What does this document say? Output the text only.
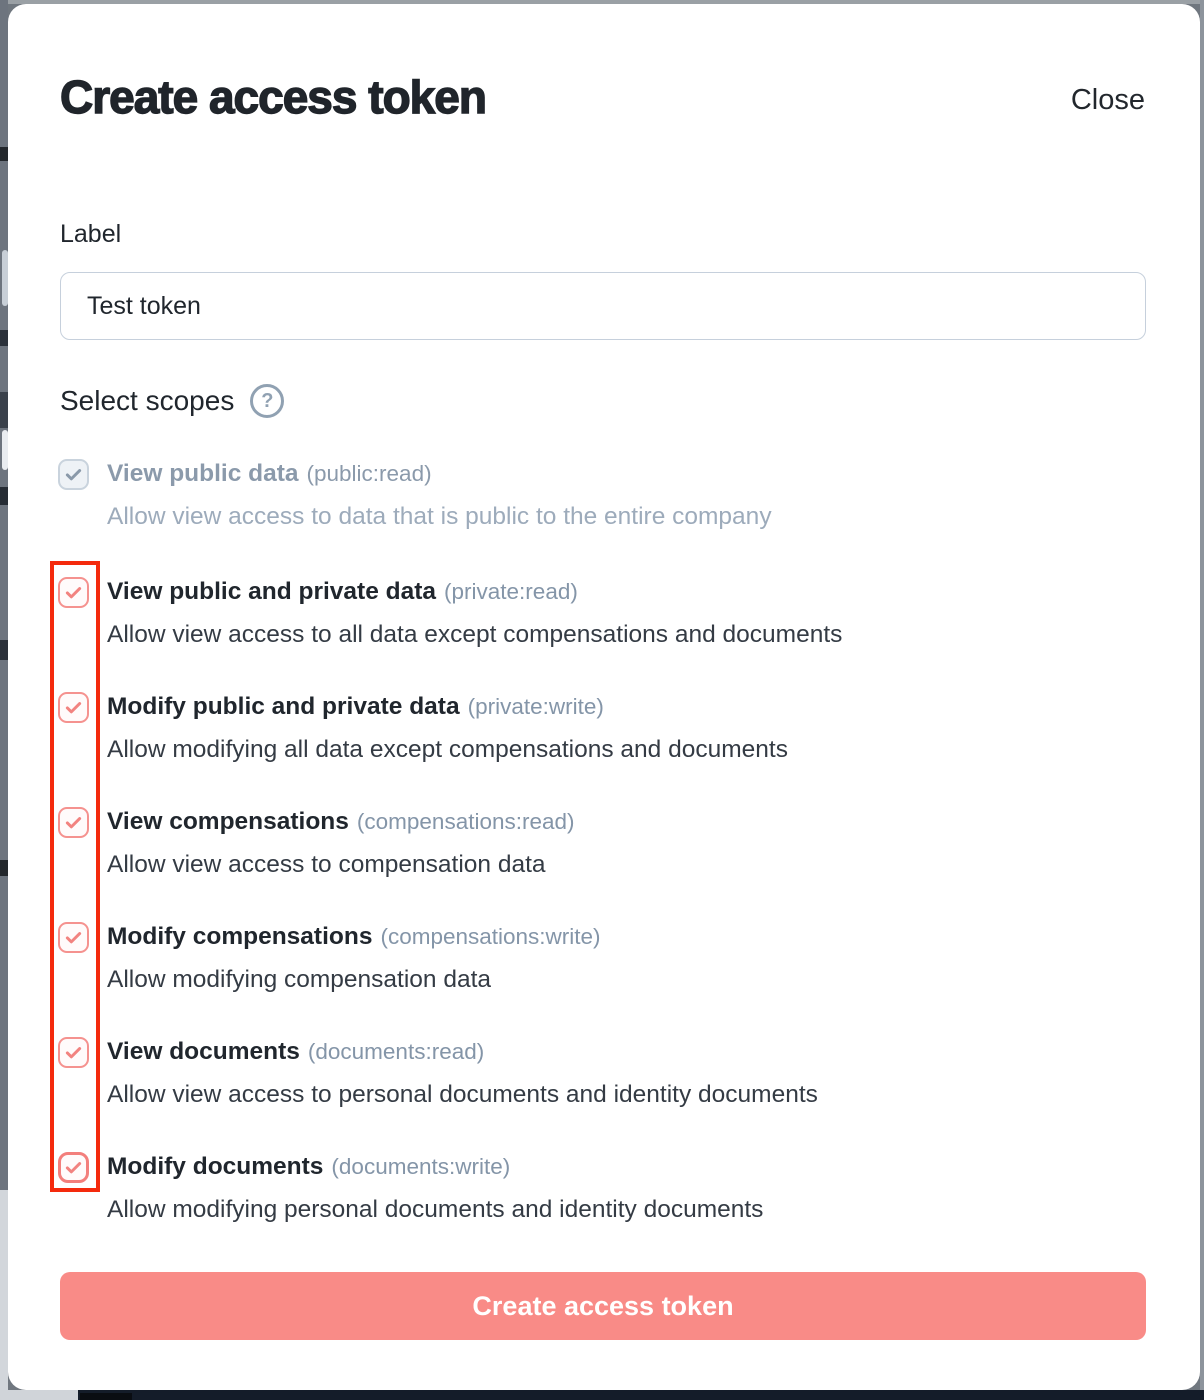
Create access token	Close
Label
Test token
Select scopes	?
View public data (public:read)
Allow view access to data that is public to the entire company
View public and private data (private:read)
Allow view access to all data except compensations and documents
Modify public and private data (private:write)
Allow modifying all data except compensations and documents
View compensations (compensations:read)
Allow view access to compensation data
Modify compensations (compensations:write)
Allow modifying compensation data
View documents (documents:read)
Allow view access to personal documents and identity documents
Modify documents (documents:write)
Allow modifying personal documents and identity documents
Create access token
